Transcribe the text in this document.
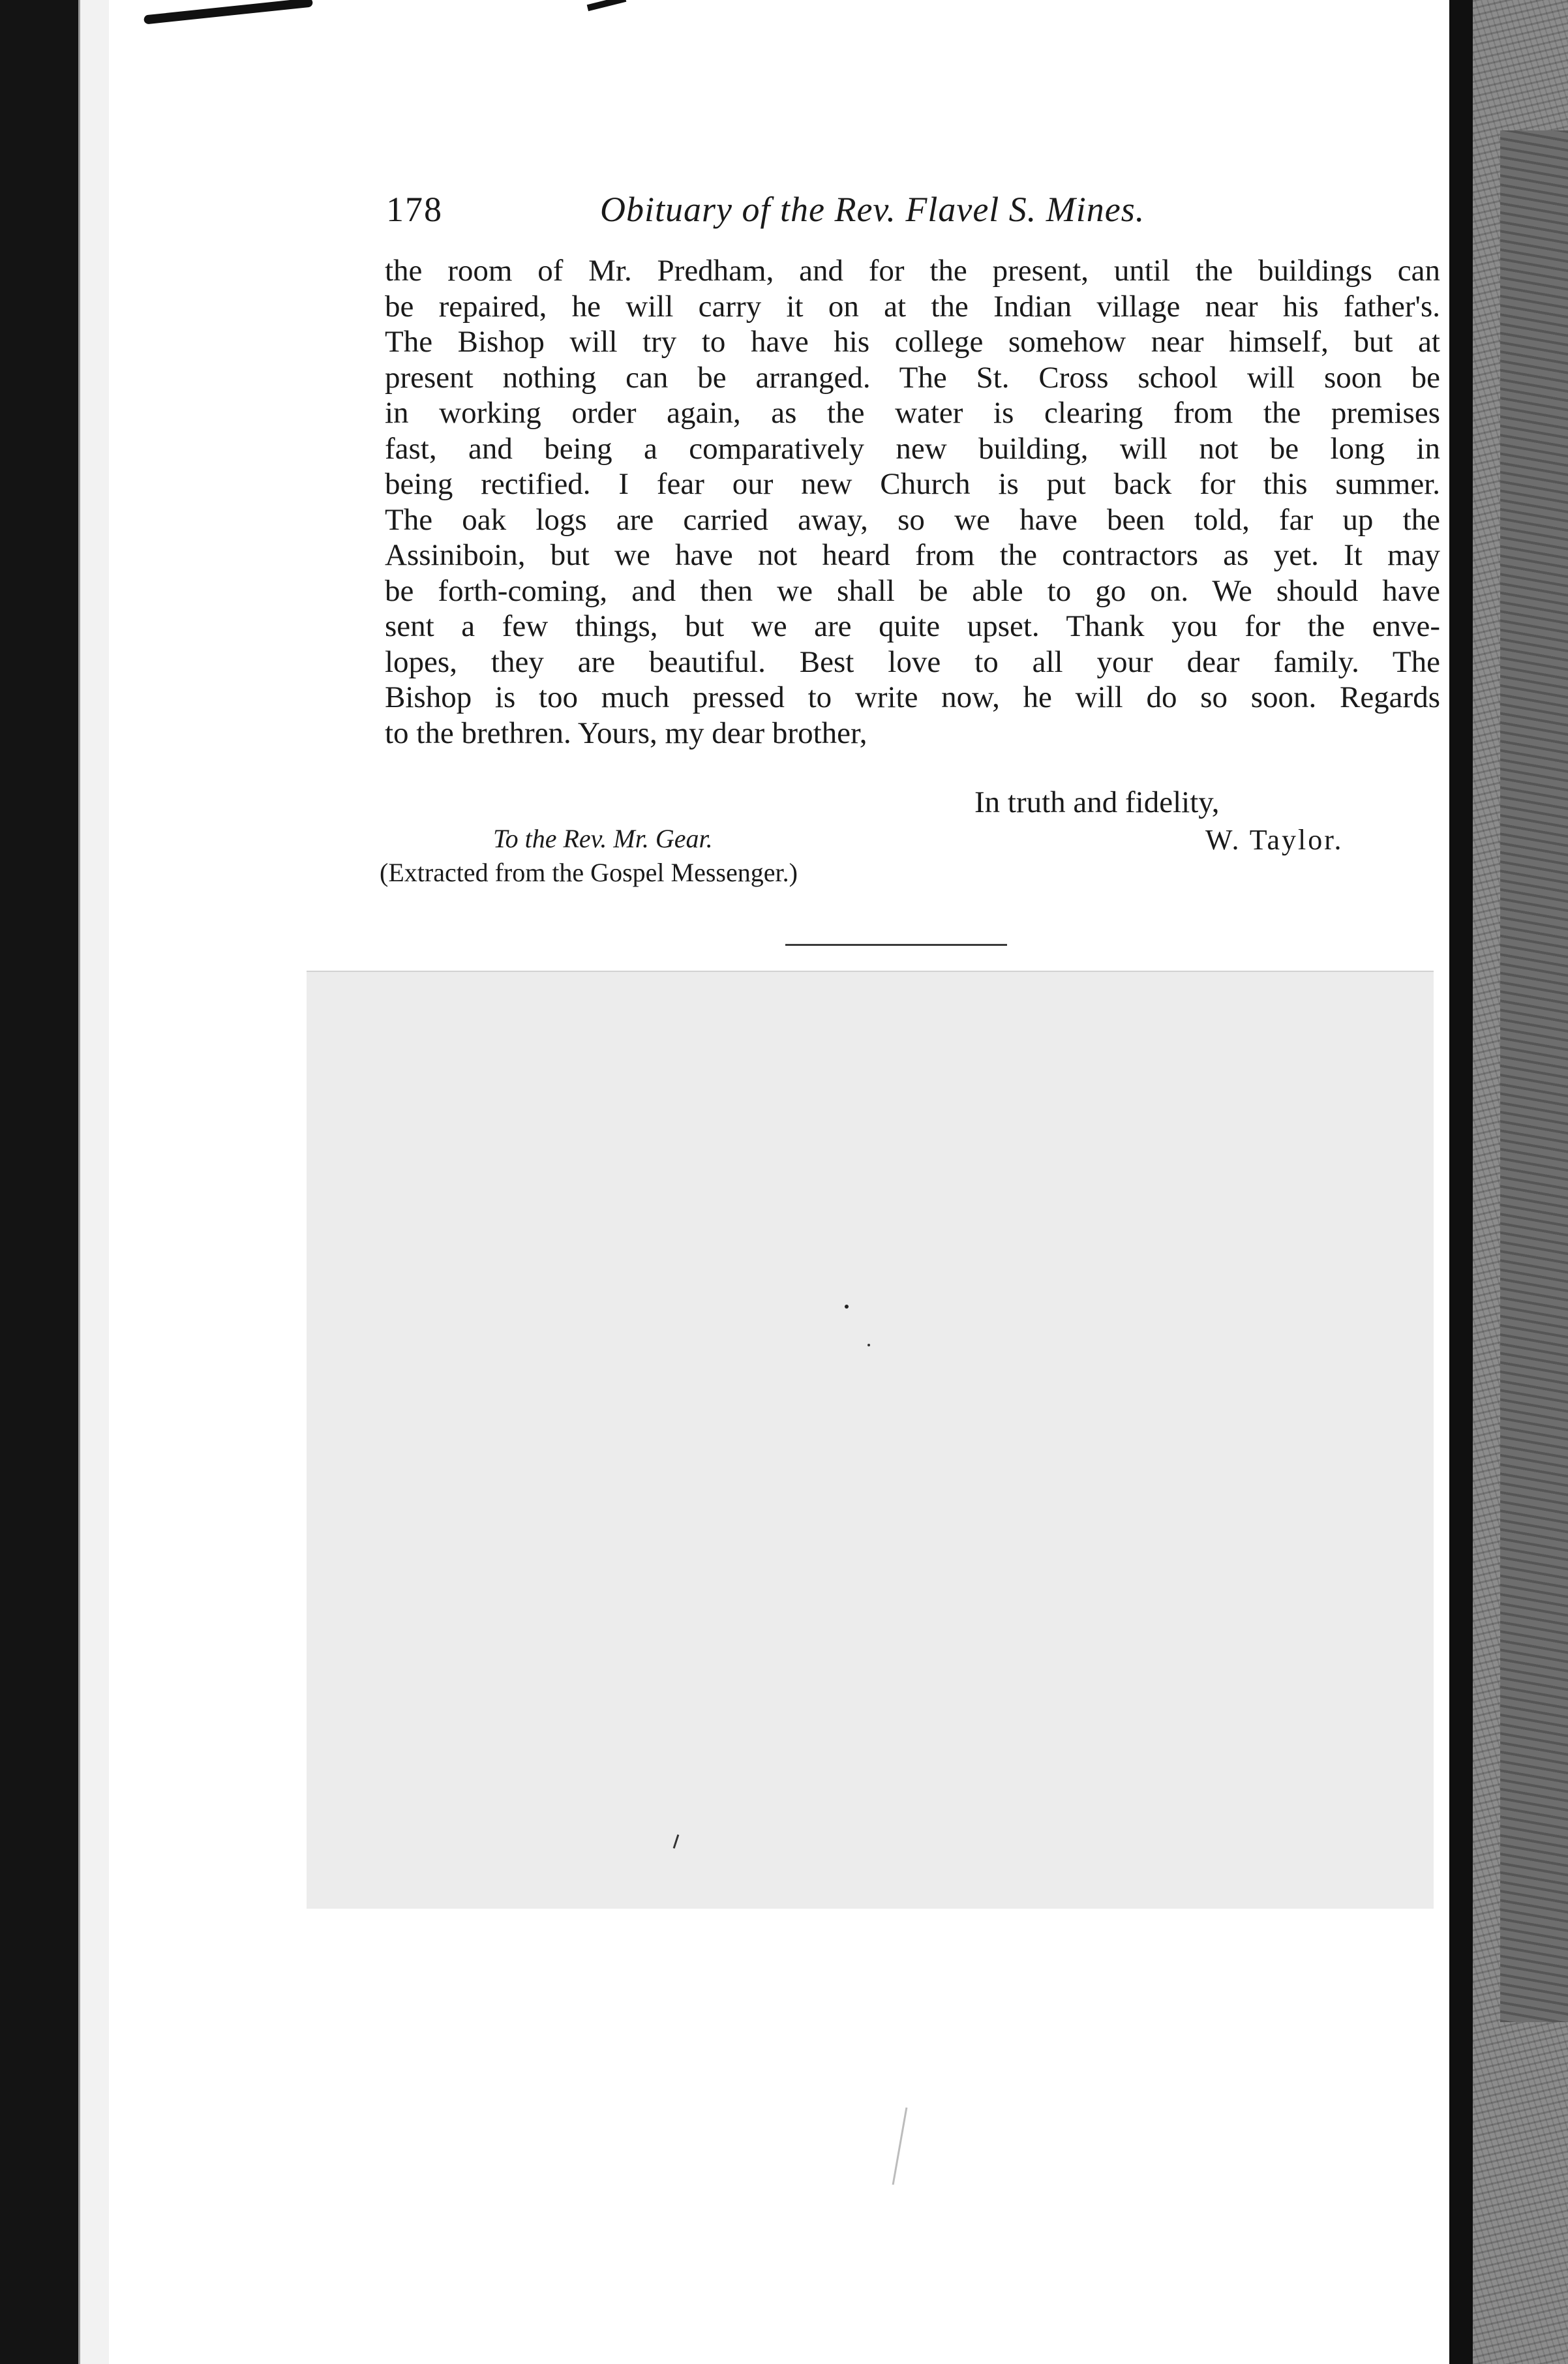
178	Obituary of the Rev. Flavel S. Mines.
the room of Mr. Predham, and for the present, until the buildings can
be repaired, he will carry it on at the Indian village near his father's.
The Bishop will try to have his college somehow near himself, but at
present nothing can be arranged. The St. Cross school will soon be
in working order again, as the water is clearing from the premises
fast, and being a comparatively new building, will not be long in
being rectified. I fear our new Church is put back for this summer.
The oak logs are carried away, so we have been told, far up the
Assiniboin, but we have not heard from the contractors as yet. It may
be forth-coming, and then we shall be able to go on. We should have
sent a few things, but we are quite upset. Thank you for the enve-
lopes, they are beautiful. Best love to all your dear family. The
Bishop is too much pressed to write now, he will do so soon. Regards
to the brethren. Yours, my dear brother,
In truth and fidelity,
To the Rev. Mr. Gear.	W. Taylor.
(Extracted from the Gospel Messenger.)
